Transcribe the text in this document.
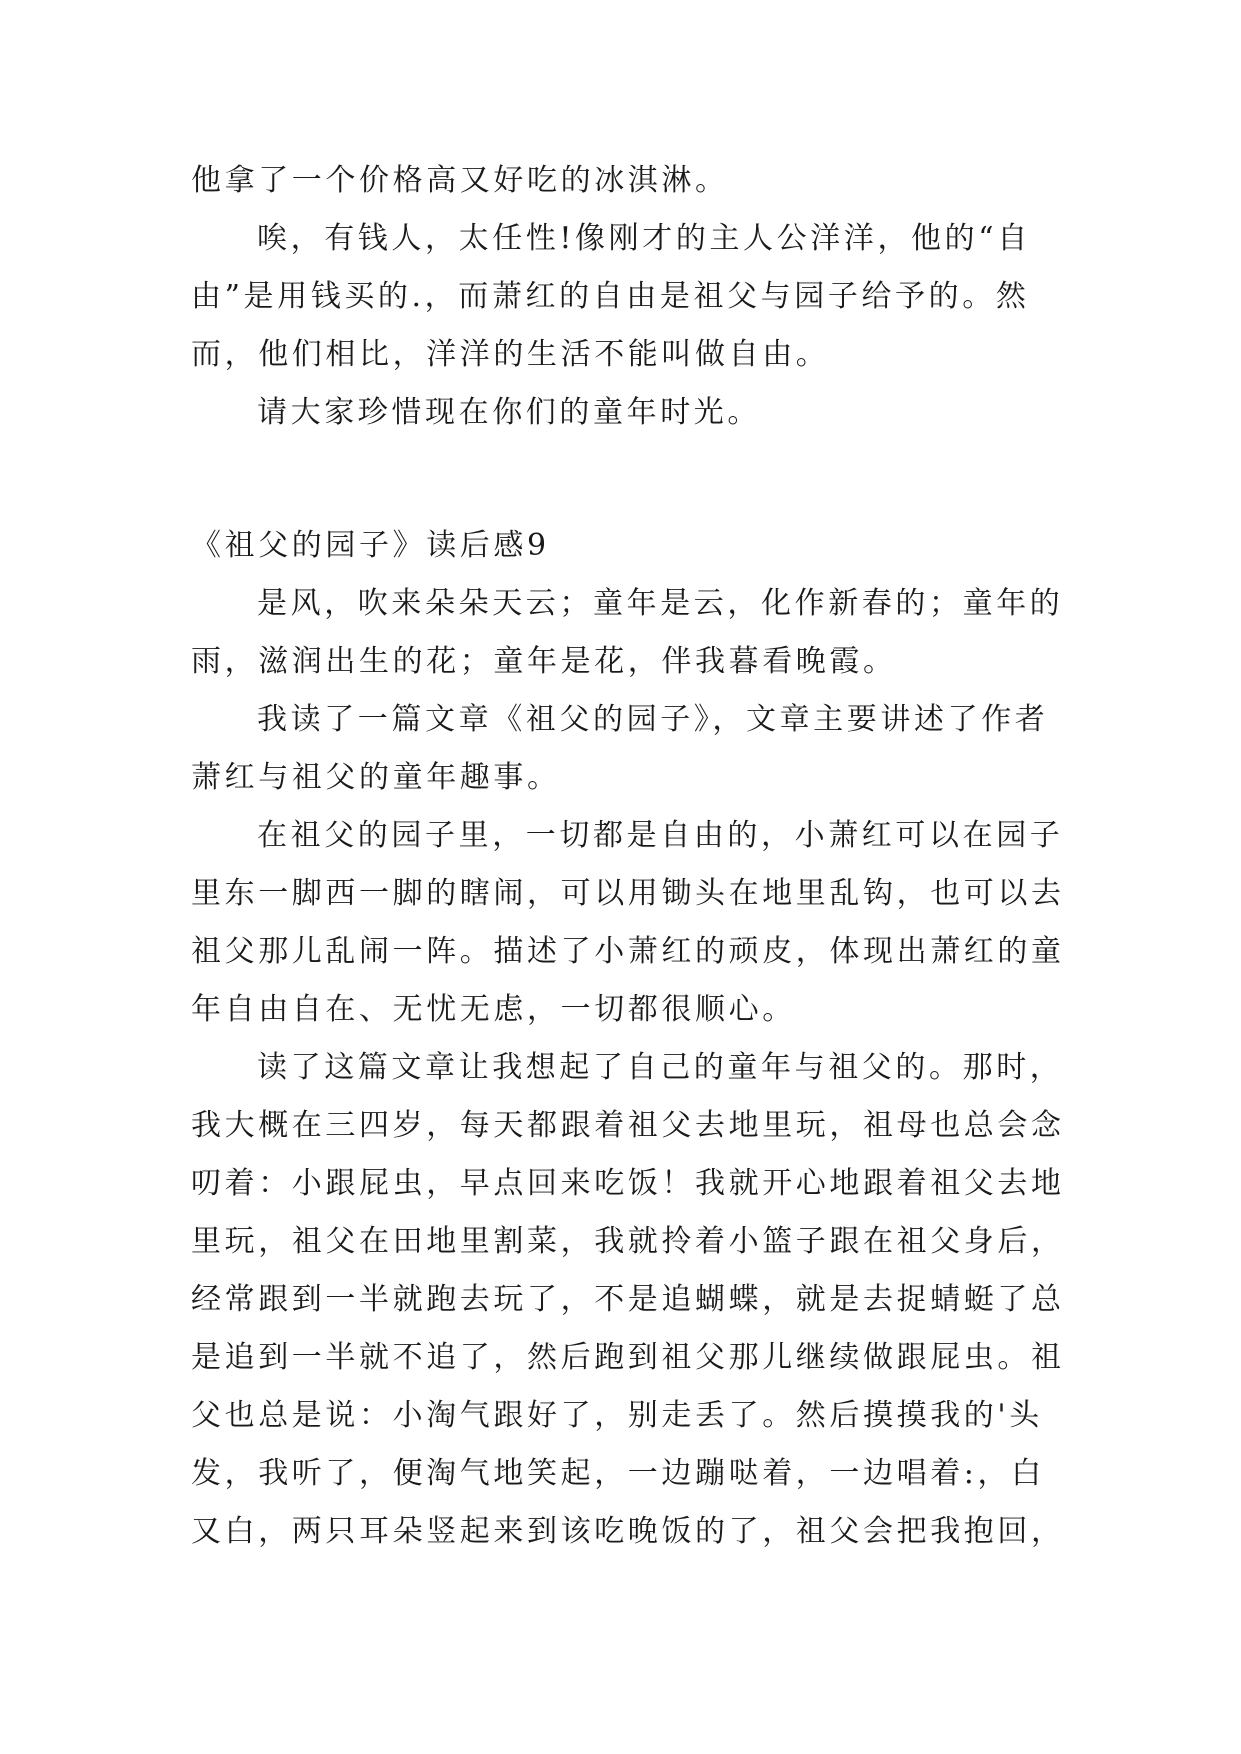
他拿了一个价格高又好吃的冰淇淋。
唉，有钱人，太任性!像刚才的主人公洋洋，他的“自
由”是用钱买的.，而萧红的自由是祖父与园子给予的。然
而，他们相比，洋洋的生活不能叫做自由。
请大家珍惜现在你们的童年时光。
《祖父的园子》读后感9
是风，吹来朵朵天云；童年是云，化作新春的；童年的
雨，滋润出生的花；童年是花，伴我暮看晚霞。
我读了一篇文章《祖父的园子》，文章主要讲述了作者
萧红与祖父的童年趣事。
在祖父的园子里，一切都是自由的，小萧红可以在园子
里东一脚西一脚的瞎闹，可以用锄头在地里乱钩，也可以去
祖父那儿乱闹一阵。描述了小萧红的顽皮，体现出萧红的童
年自由自在、无忧无虑，一切都很顺心。
读了这篇文章让我想起了自己的童年与祖父的。那时，
我大概在三四岁，每天都跟着祖父去地里玩，祖母也总会念
叨着：小跟屁虫，早点回来吃饭！我就开心地跟着祖父去地
里玩，祖父在田地里割菜，我就拎着小篮子跟在祖父身后，
经常跟到一半就跑去玩了，不是追蝴蝶，就是去捉蜻蜓了总
是追到一半就不追了，然后跑到祖父那儿继续做跟屁虫。祖
父也总是说：小淘气跟好了，别走丢了。然后摸摸我的'头
发，我听了，便淘气地笑起，一边蹦哒着，一边唱着:，白
又白，两只耳朵竖起来到该吃晚饭的了，祖父会把我抱回，
